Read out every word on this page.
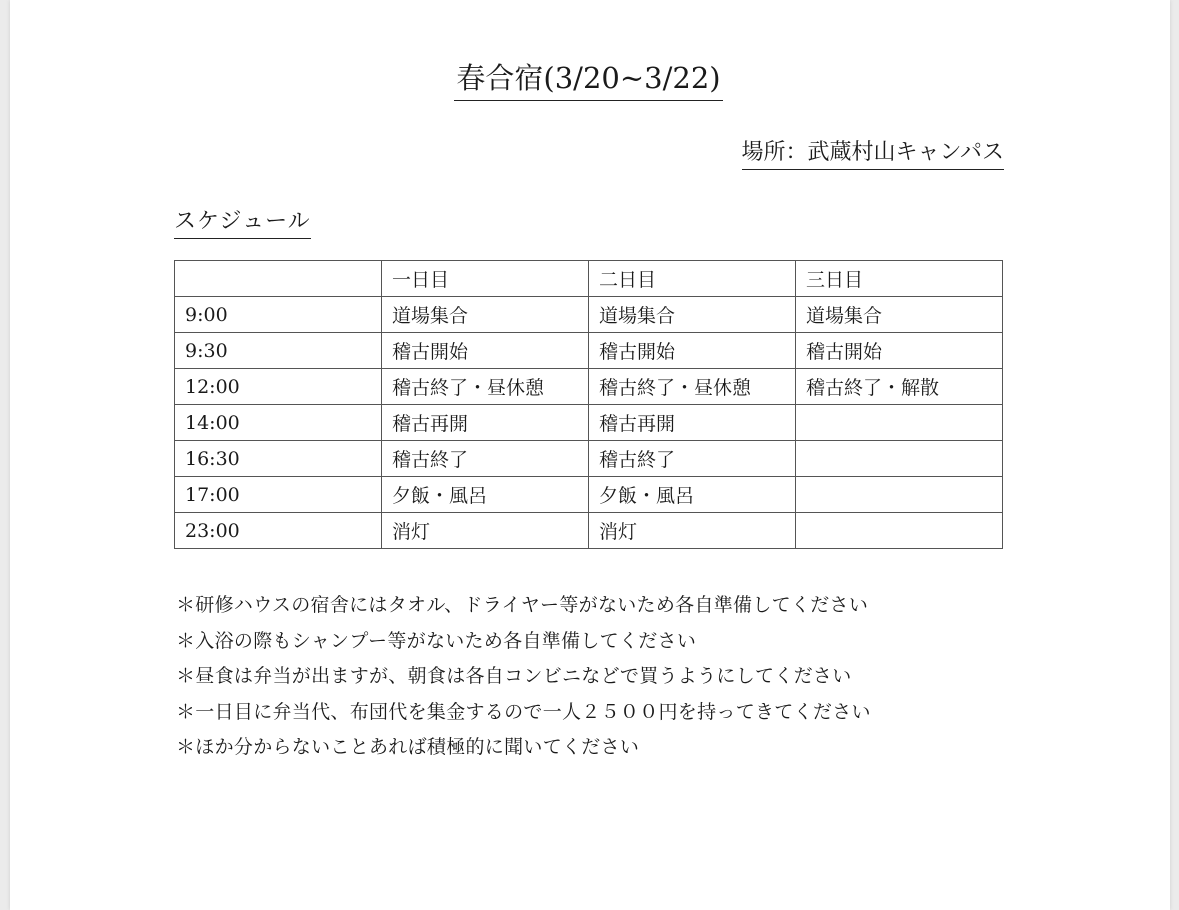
春合宿(3/20~3/22)
場所：武蔵村山キャンパス
スケジュール
	一日目	二日目	三日目
9:00	道場集合	道場集合	道場集合
9:30	稽古開始	稽古開始	稽古開始
12:00	稽古終了・昼休憩	稽古終了・昼休憩	稽古終了・解散
14:00	稽古再開	稽古再開	
16:30	稽古終了	稽古終了	
17:00	夕飯・風呂	夕飯・風呂	
23:00	消灯	消灯	
＊研修ハウスの宿舎にはタオル、ドライヤー等がないため各自準備してください
＊入浴の際もシャンプー等がないため各自準備してください
＊昼食は弁当が出ますが、朝食は各自コンビニなどで買うようにしてください
＊一日目に弁当代、布団代を集金するので一人２５００円を持ってきてください
＊ほか分からないことあれば積極的に聞いてください
